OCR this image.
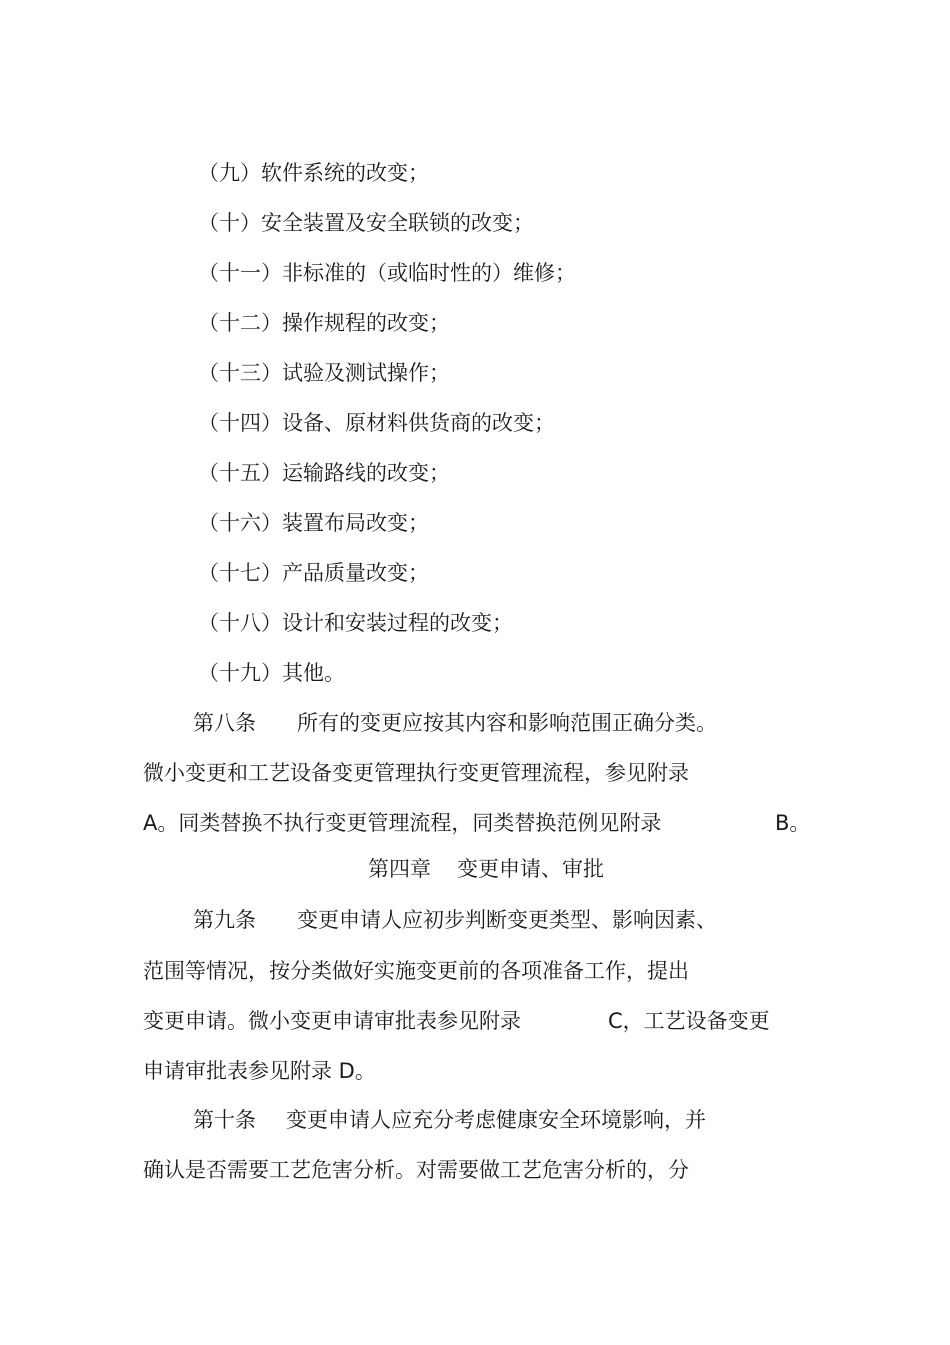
（九）软件系统的改变；
（十）安全装置及安全联锁的改变；
（十一）非标准的（或临时性的）维修；
（十二）操作规程的改变；
（十三）试验及测试操作；
（十四）设备、原材料供货商的改变；
（十五）运输路线的改变；
（十六）装置布局改变；
（十七）产品质量改变；
（十八）设计和安装过程的改变；
（十九）其他。

第八条

所有的变更应按其内容和影响范围正确分类。

微小变更和工艺设备变更管理执行变更管理流程，参见附录

A。同类替换不执行变更管理流程，同类替换范例见附录

	B。

第四章

变更申请、审批

第九条

变更申请人应初步判断变更类型、影响因素、

范围等情况，按分类做好实施变更前的各项准备工作，提出

变更申请。微小变更申请审批表参见附录

	C，工艺设备变更

申请审批表参见附录 D。

第十条

变更申请人应充分考虑健康安全环境影响，并

确认是否需要工艺危害分析。对需要做工艺危害分析的，分
